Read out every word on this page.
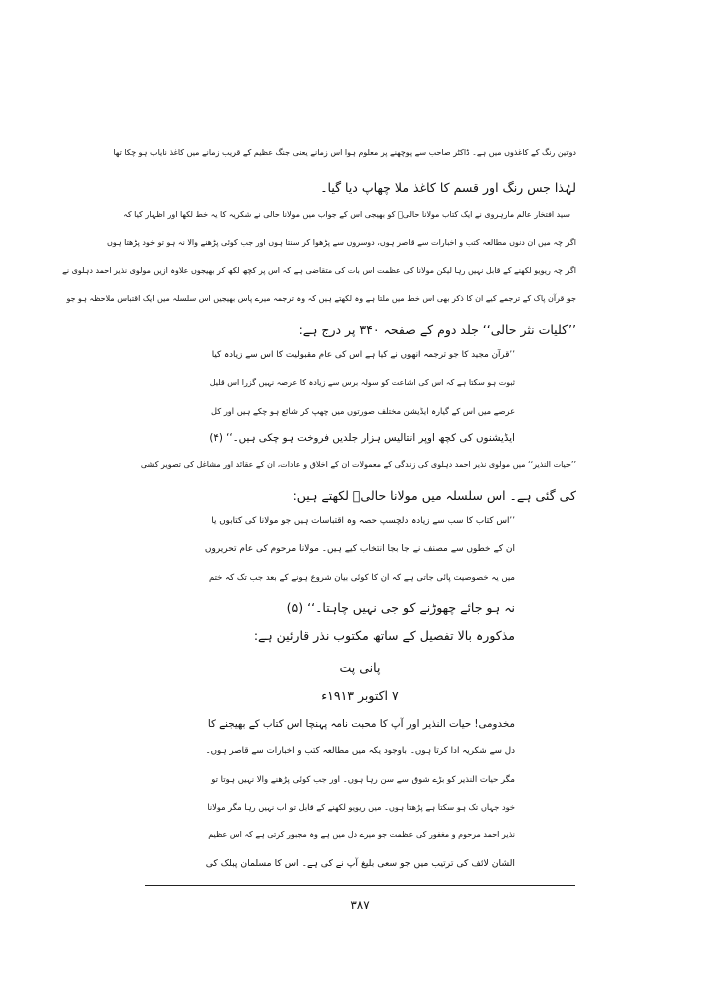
دوتین رنگ کے کاغذوں میں ہے۔ ڈاکٹر صاحب سے پوچھنے پر معلوم ہوا اس زمانے یعنی جنگ عظیم کے قریب زمانے میں کاغذ نایاب ہو چکا تھا
لہٰذا جس رنگ اور قسم کا کاغذ ملا چھاپ دیا گیا۔
سید افتخار عالم مارہروی نے ایک کتاب مولانا حالیؔ کو بھیجی اس کے جواب میں مولانا حالی نے شکریہ کا یہ خط لکھا اور اظہار کیا کہ
اگر چہ میں ان دنوں مطالعہ کتب و اخبارات سے قاصر ہوں، دوسروں سے پڑھوا کر سنتا ہوں اور جب کوئی پڑھنے والا نہ ہو تو خود پڑھتا ہوں
اگر چہ ریویو لکھنے کے قابل نہیں رہا لیکن مولانا کی عظمت اس بات کی متقاضی ہے کہ اس پر کچھ لکھ کر بھیجوں علاوہ ازیں مولوی نذیر احمد دہلوی نے
جو قرآن پاک کے ترجمے کیے ان کا ذکر بھی اس خط میں ملتا ہے وہ لکھتے ہیں کہ وہ ترجمہ میرے پاس بھیجیں اس سلسلہ میں ایک اقتباس ملاحظہ ہو جو
’’کلیات نثر حالی‘‘ جلد دوم کے صفحہ ۳۴۰ پر درج ہے:
’’قرآن مجید کا جو ترجمہ انھوں نے کیا ہے اس کی عام مقبولیت کا اس سے زیادہ کیا
ثبوت ہو سکتا ہے کہ اس کی اشاعت کو سولہ برس سے زیادہ کا عرصہ نہیں گزرا اس قلیل
عرصے میں اس کے گیارہ ایڈیشن مختلف صورتوں میں چھپ کر شائع ہو چکے ہیں اور کل
ایڈیشنوں کی کچھ اوپر انتالیس ہزار جلدیں فروخت ہو چکی ہیں۔‘‘ (۴)
’’حیات النذیر‘‘ میں مولوی نذیر احمد دہلوی کی زندگی کے معمولات ان کے اخلاق و عادات، ان کے عقائد اور مشاغل کی تصویر کشی
کی گئی ہے۔ اس سلسلہ میں مولانا حالیؔ لکھتے ہیں:
’’اس کتاب کا سب سے زیادہ دلچسپ حصہ وہ اقتباسات ہیں جو مولانا کی کتابوں یا
ان کے خطوں سے مصنف نے جا بجا انتخاب کیے ہیں۔ مولانا مرحوم کی عام تحریروں
میں یہ خصوصیت پائی جاتی ہے کہ ان کا کوئی بیان شروع ہونے کے بعد جب تک کہ ختم
نہ ہو جائے چھوڑنے کو جی نہیں چاہتا۔‘‘ (۵)
مذکورہ بالا تفصیل کے ساتھ مکتوب نذر قارئین ہے:
پانی پت
۷ اکتوبر ۱۹۱۳ء
مخدومی! حیات النذیر اور آپ کا محبت نامہ پہنچا اس کتاب کے بھیجنے کا
دل سے شکریہ ادا کرتا ہوں۔ باوجود یکہ میں مطالعہ کتب و اخبارات سے قاصر ہوں۔
مگر حیات النذیر کو بڑے شوق سے سن رہا ہوں۔ اور جب کوئی پڑھنے والا نہیں ہوتا تو
خود جہاں تک ہو سکتا ہے پڑھتا ہوں۔ میں ریویو لکھنے کے قابل تو اب نہیں رہا مگر مولانا
نذیر احمد مرحوم و مغفور کی عظمت جو میرے دل میں ہے وہ مجبور کرتی ہے کہ اس عظیم
الشان لائف کی ترتیب میں جو سعی بلیغ آپ نے کی ہے۔ اس کا مسلمان پبلک کی
۳۸۷
